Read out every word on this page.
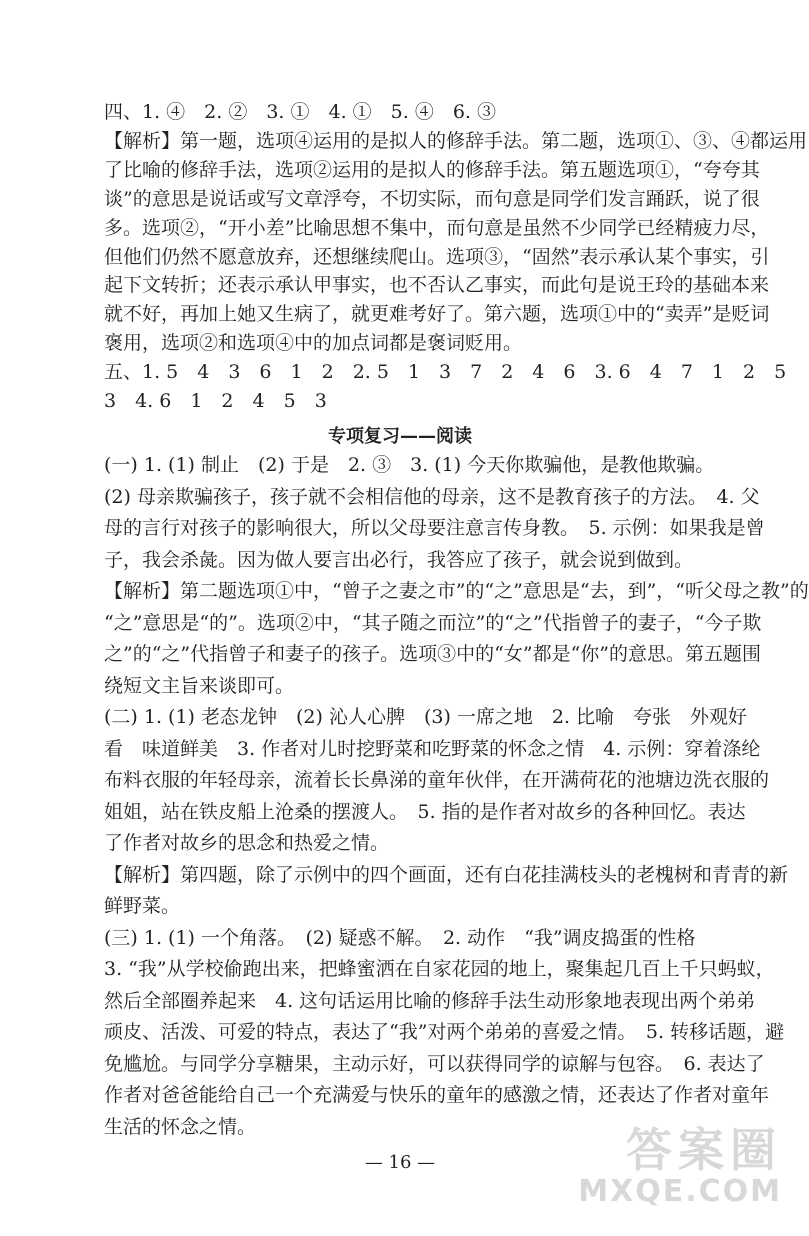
四、1. ④　2. ②　3. ①　4. ①　5. ④　6. ③
【解析】第一题，选项④运用的是拟人的修辞手法。第二题，选项①、③、④都运用
了比喻的修辞手法，选项②运用的是拟人的修辞手法。第五题选项①，“夸夸其
谈”的意思是说话或写文章浮夸，不切实际，而句意是同学们发言踊跃，说了很
多。选项②，“开小差”比喻思想不集中，而句意是虽然不少同学已经精疲力尽，
但他们仍然不愿意放弃，还想继续爬山。选项③，“固然”表示承认某个事实，引
起下文转折；还表示承认甲事实，也不否认乙事实，而此句是说王玲的基础本来
就不好，再加上她又生病了，就更难考好了。第六题，选项①中的“卖弄”是贬词
褒用，选项②和选项④中的加点词都是褒词贬用。
五、1. 5　4　3　6　1　2　2. 5　1　3　7　2　4　6　3. 6　4　7　1　2　5
3　4. 6　1　2　4　5　3
专项复习——阅读
(一) 1. (1) 制止　(2) 于是　2. ③　3. (1) 今天你欺骗他，是教他欺骗。
(2) 母亲欺骗孩子，孩子就不会相信他的母亲，这不是教育孩子的方法。　4. 父
母的言行对孩子的影响很大，所以父母要注意言传身教。　5. 示例：如果我是曾
子，我会杀彘。因为做人要言出必行，我答应了孩子，就会说到做到。
【解析】第二题选项①中，“曾子之妻之市”的“之”意思是“去，到”，“听父母之教”的
“之”意思是“的”。选项②中，“其子随之而泣”的“之”代指曾子的妻子，“今子欺
之”的“之”代指曾子和妻子的孩子。选项③中的“女”都是“你”的意思。第五题围
绕短文主旨来谈即可。
(二) 1. (1) 老态龙钟　(2) 沁人心脾　(3) 一席之地　2. 比喻　夸张　外观好
看　味道鲜美　3. 作者对儿时挖野菜和吃野菜的怀念之情　4. 示例：穿着涤纶
布料衣服的年轻母亲，流着长长鼻涕的童年伙伴，在开满荷花的池塘边洗衣服的
姐姐，站在铁皮船上沧桑的摆渡人。　5. 指的是作者对故乡的各种回忆。表达
了作者对故乡的思念和热爱之情。
【解析】第四题，除了示例中的四个画面，还有白花挂满枝头的老槐树和青青的新
鲜野菜。
(三) 1. (1) 一个角落。　(2) 疑惑不解。　2. 动作　“我”调皮捣蛋的性格
3. “我”从学校偷跑出来，把蜂蜜洒在自家花园的地上，聚集起几百上千只蚂蚁，
然后全部圈养起来　4. 这句话运用比喻的修辞手法生动形象地表现出两个弟弟
顽皮、活泼、可爱的特点，表达了“我”对两个弟弟的喜爱之情。　5. 转移话题，避
免尴尬。与同学分享糖果，主动示好，可以获得同学的谅解与包容。　6. 表达了
作者对爸爸能给自己一个充满爱与快乐的童年的感激之情，还表达了作者对童年
生活的怀念之情。
— 16 —	答案圈
MXQE.COM
